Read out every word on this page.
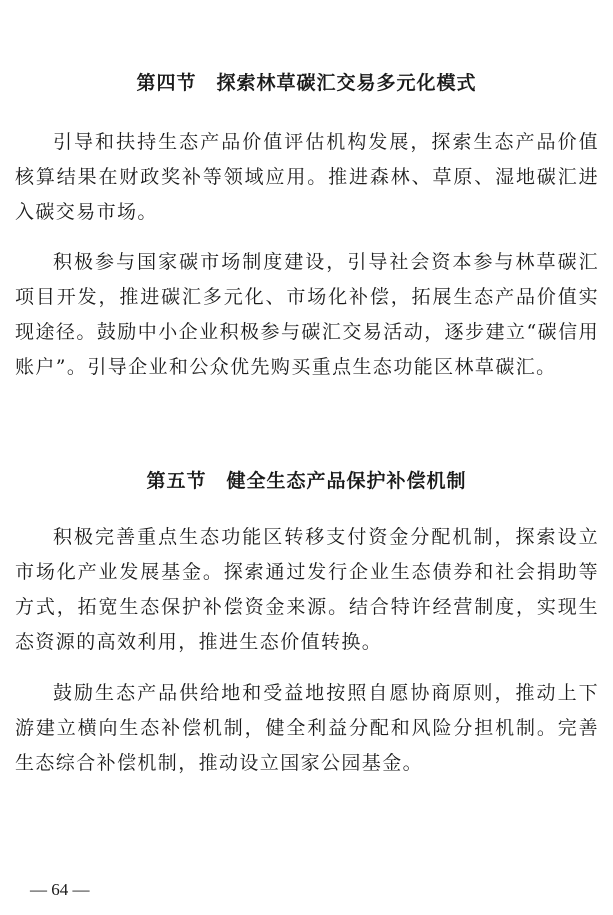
第四节　探索林草碳汇交易多元化模式

引导和扶持生态产品价值评估机构发展，探索生态产品价值核算结果在财政奖补等领域应用。推进森林、草原、湿地碳汇进入碳交易市场。

积极参与国家碳市场制度建设，引导社会资本参与林草碳汇项目开发，推进碳汇多元化、市场化补偿，拓展生态产品价值实现途径。鼓励中小企业积极参与碳汇交易活动，逐步建立“碳信用账户”。引导企业和公众优先购买重点生态功能区林草碳汇。

第五节　健全生态产品保护补偿机制

积极完善重点生态功能区转移支付资金分配机制，探索设立市场化产业发展基金。探索通过发行企业生态债券和社会捐助等方式，拓宽生态保护补偿资金来源。结合特许经营制度，实现生态资源的高效利用，推进生态价值转换。

鼓励生态产品供给地和受益地按照自愿协商原则，推动上下游建立横向生态补偿机制，健全利益分配和风险分担机制。完善生态综合补偿机制，推动设立国家公园基金。

— 64 —
